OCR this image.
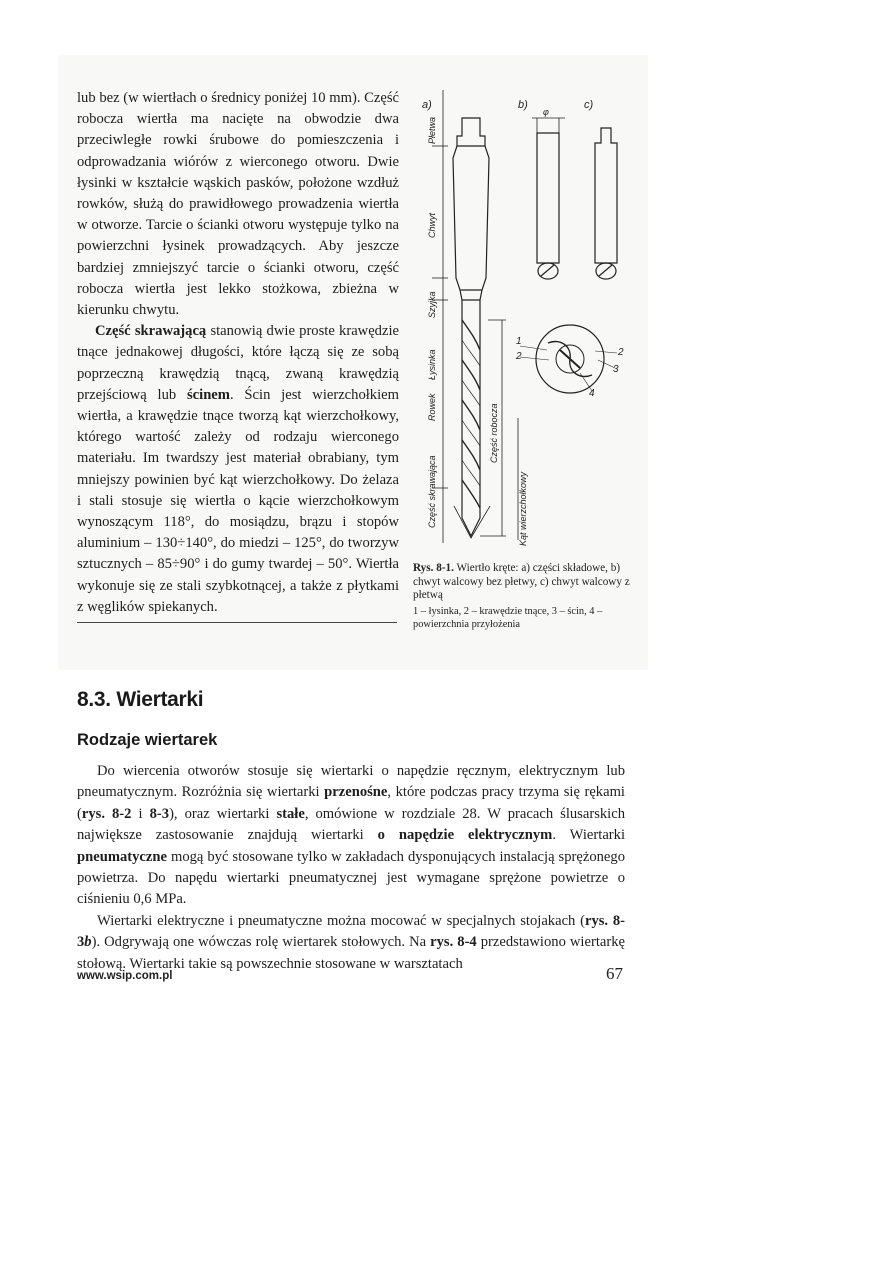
lub bez (w wiertłach o średnicy poniżej 10 mm). Część robocza wiertła ma nacięte na obwodzie dwa przeciwległe rowki śrubowe do pomieszczenia i odprowadzania wiórów z wierconego otworu. Dwie łysinki w kształcie wąskich pasków, położone wzdłuż rowków, służą do prawidłowego prowadzenia wiertła w otworze. Tarcie o ścianki otworu występuje tylko na powierzchni łysinek prowadzących. Aby jeszcze bardziej zmniejszyć tarcie o ścianki otworu, część robocza wiertła jest lekko stożkowa, zbieżna w kierunku chwytu.

Część skrawającą stanowią dwie proste krawędzie tnące jednakowej długości, które łączą się ze sobą poprzeczną krawędzią tnącą, zwaną krawędzią przejściową lub ścinem. Ścin jest wierzchołkiem wiertła, a krawędzie tnące tworzą kąt wierzchołkowy, którego wartość zależy od rodzaju wierconego materiału. Im twardszy jest materiał obrabiany, tym mniejszy powinien być kąt wierzchołkowy. Do żelaza i stali stosuje się wiertła o kącie wierzchołkowym wynoszącym 118°, do mosiądzu, brązu i stopów aluminium – 130÷140°, do miedzi – 125°, do tworzyw sztucznych – 85÷90° i do gumy twardej – 50°. Wiertła wykonuje się ze stali szybkotnącej, a także z płytkami z węglików spiekanych.

a)	b)	c)
φ
Płetwa
Chwyt
Szyjka
Łysinka
Rowek	Część robocza
Część skrawająca	Kąt wierzchołkowy
1
2	2
3
4
Rys. 8-1. Wiertło kręte: a) części składowe, b) chwyt walcowy bez płetwy, c) chwyt walcowy z płetwą
1 – łysinka, 2 – krawędzie tnące, 3 – ścin, 4 – powierzchnia przyłożenia
8.3. Wiertarki
Rodzaje wiertarek

Do wiercenia otworów stosuje się wiertarki o napędzie ręcznym, elektrycznym lub pneumatycznym. Rozróżnia się wiertarki przenośne, które podczas pracy trzyma się rękami (rys. 8-2 i 8-3), oraz wiertarki stałe, omówione w rozdziale 28. W pracach ślusarskich największe zastosowanie znajdują wiertarki o napędzie elektrycznym. Wiertarki pneumatyczne mogą być stosowane tylko w zakładach dysponujących instalacją sprężonego powietrza. Do napędu wiertarki pneumatycznej jest wymagane sprężone powietrze o ciśnieniu 0,6 MPa.

Wiertarki elektryczne i pneumatyczne można mocować w specjalnych stojakach (rys. 8-3b). Odgrywają one wówczas rolę wiertarek stołowych. Na rys. 8-4 przedstawiono wiertarkę stołową. Wiertarki takie są powszechnie stosowane w warsztatach

www.wsip.com.pl	67
